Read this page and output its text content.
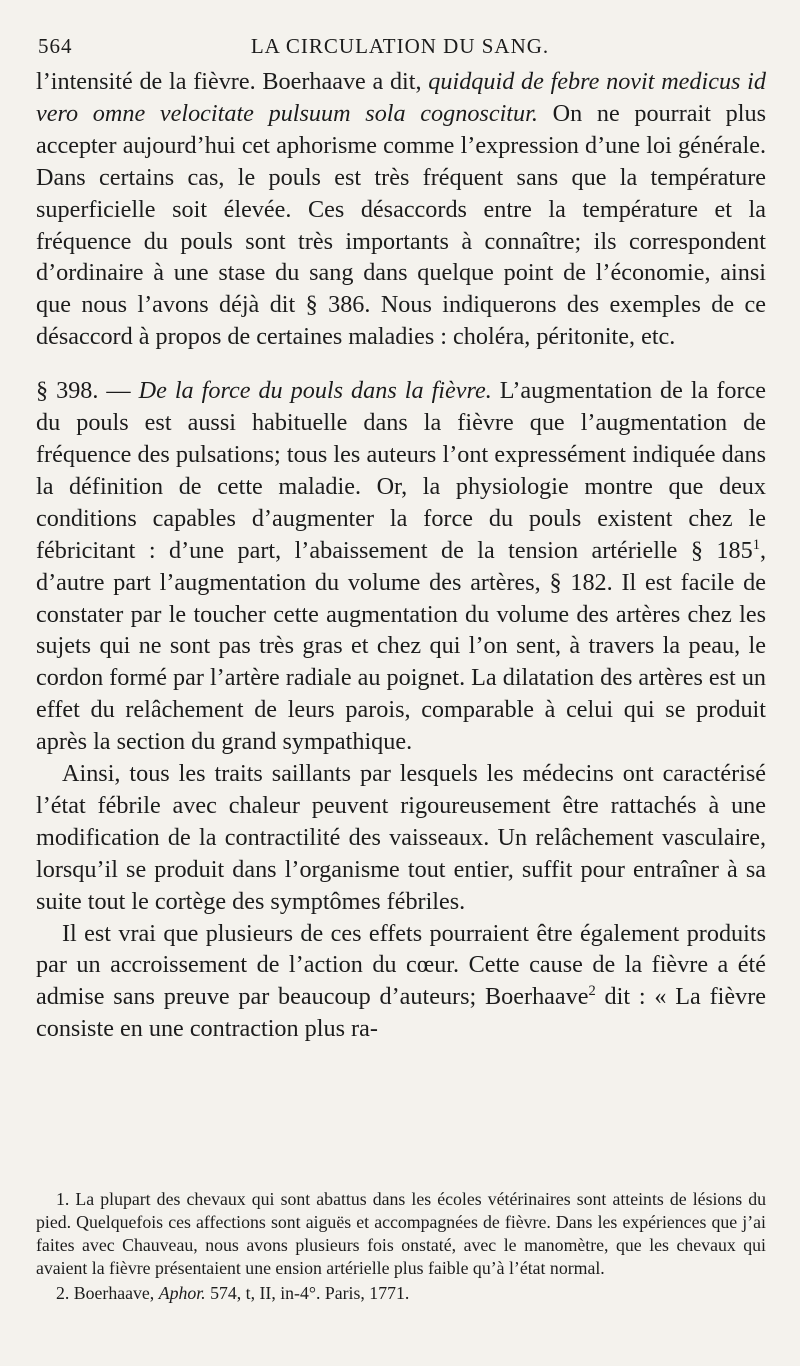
564	LA CIRCULATION DU SANG.

l’intensité de la fièvre. Boerhaave a dit, quidquid de febre novit medicus id vero omne velocitate pulsuum sola cognoscitur. On ne pourrait plus accepter aujourd’hui cet aphorisme comme l’expression d’une loi générale. Dans certains cas, le pouls est très fréquent sans que la température superficielle soit élevée. Ces désaccords entre la température et la fréquence du pouls sont très importants à connaître; ils correspondent d’ordinaire à une stase du sang dans quelque point de l’économie, ainsi que nous l’avons déjà dit § 386. Nous indiquerons des exemples de ce désaccord à propos de certaines maladies : choléra, péritonite, etc.

§ 398. — De la force du pouls dans la fièvre. L’augmentation de la force du pouls est aussi habituelle dans la fièvre que l’augmentation de fréquence des pulsations; tous les auteurs l’ont expressément indiquée dans la définition de cette maladie. Or, la physiologie montre que deux conditions capables d’augmenter la force du pouls existent chez le fébricitant : d’une part, l’abaissement de la tension artérielle § $185^1$, d’autre part l’augmentation du volume des artères, § 182. Il est facile de constater par le toucher cette augmentation du volume des artères chez les sujets qui ne sont pas très gras et chez qui l’on sent, à travers la peau, le cordon formé par l’artère radiale au poignet. La dilatation des artères est un effet du relâchement de leurs parois, comparable à celui qui se produit après la section du grand sympathique.

Ainsi, tous les traits saillants par lesquels les médecins ont caractérisé l’état fébrile avec chaleur peuvent rigoureusement être rattachés à une modification de la contractilité des vaisseaux. Un relâchement vasculaire, lorsqu’il se produit dans l’organisme tout entier, suffit pour entraîner à sa suite tout le cortège des symptômes fébriles.

Il est vrai que plusieurs de ces effets pourraient être également produits par un accroissement de l’action du cœur. Cette cause de la fièvre a été admise sans preuve par beaucoup d’auteurs; Boerhaave$^2$ dit : « La fièvre consiste en une contraction plus ra-

1. La plupart des chevaux qui sont abattus dans les écoles vétérinaires sont atteints de lésions du pied. Quelquefois ces affections sont aiguës et accompagnées de fièvre. Dans les expériences que j’ai faites avec Chauveau, nous avons plusieurs fois onstaté, avec le manomètre, que les chevaux qui avaient la fièvre présentaient une ension artérielle plus faible qu’à l’état normal.

2. Boerhaave, Aphor. 574, t, II, in-4°. Paris, 1771.
